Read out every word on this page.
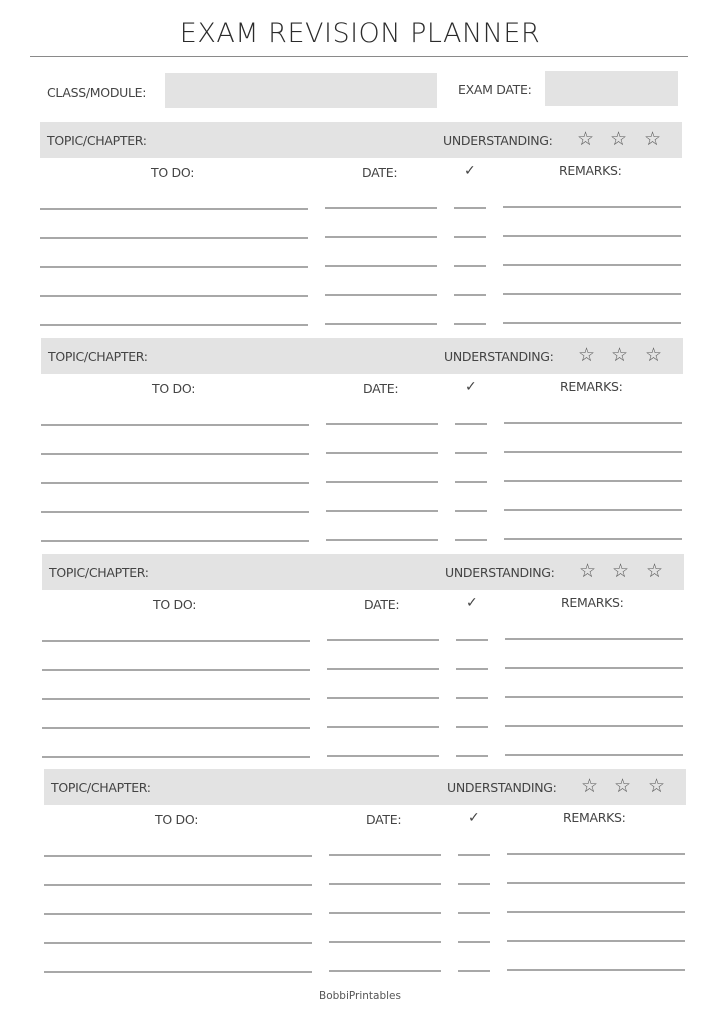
EXAM REVISION PLANNER
CLASS/MODULE:	EXAM DATE:
TOPIC/CHAPTER:	UNDERSTANDING: ☆ ☆ ☆
TO DO:	DATE:	✓	REMARKS:
TOPIC/CHAPTER:	UNDERSTANDING: ☆ ☆ ☆
TO DO:	DATE:	✓	REMARKS:
TOPIC/CHAPTER:	UNDERSTANDING: ☆ ☆ ☆
TO DO:	DATE:	✓	REMARKS:
TOPIC/CHAPTER:	UNDERSTANDING: ☆ ☆ ☆
TO DO:	DATE:	✓	REMARKS:
BobbiPrintables
